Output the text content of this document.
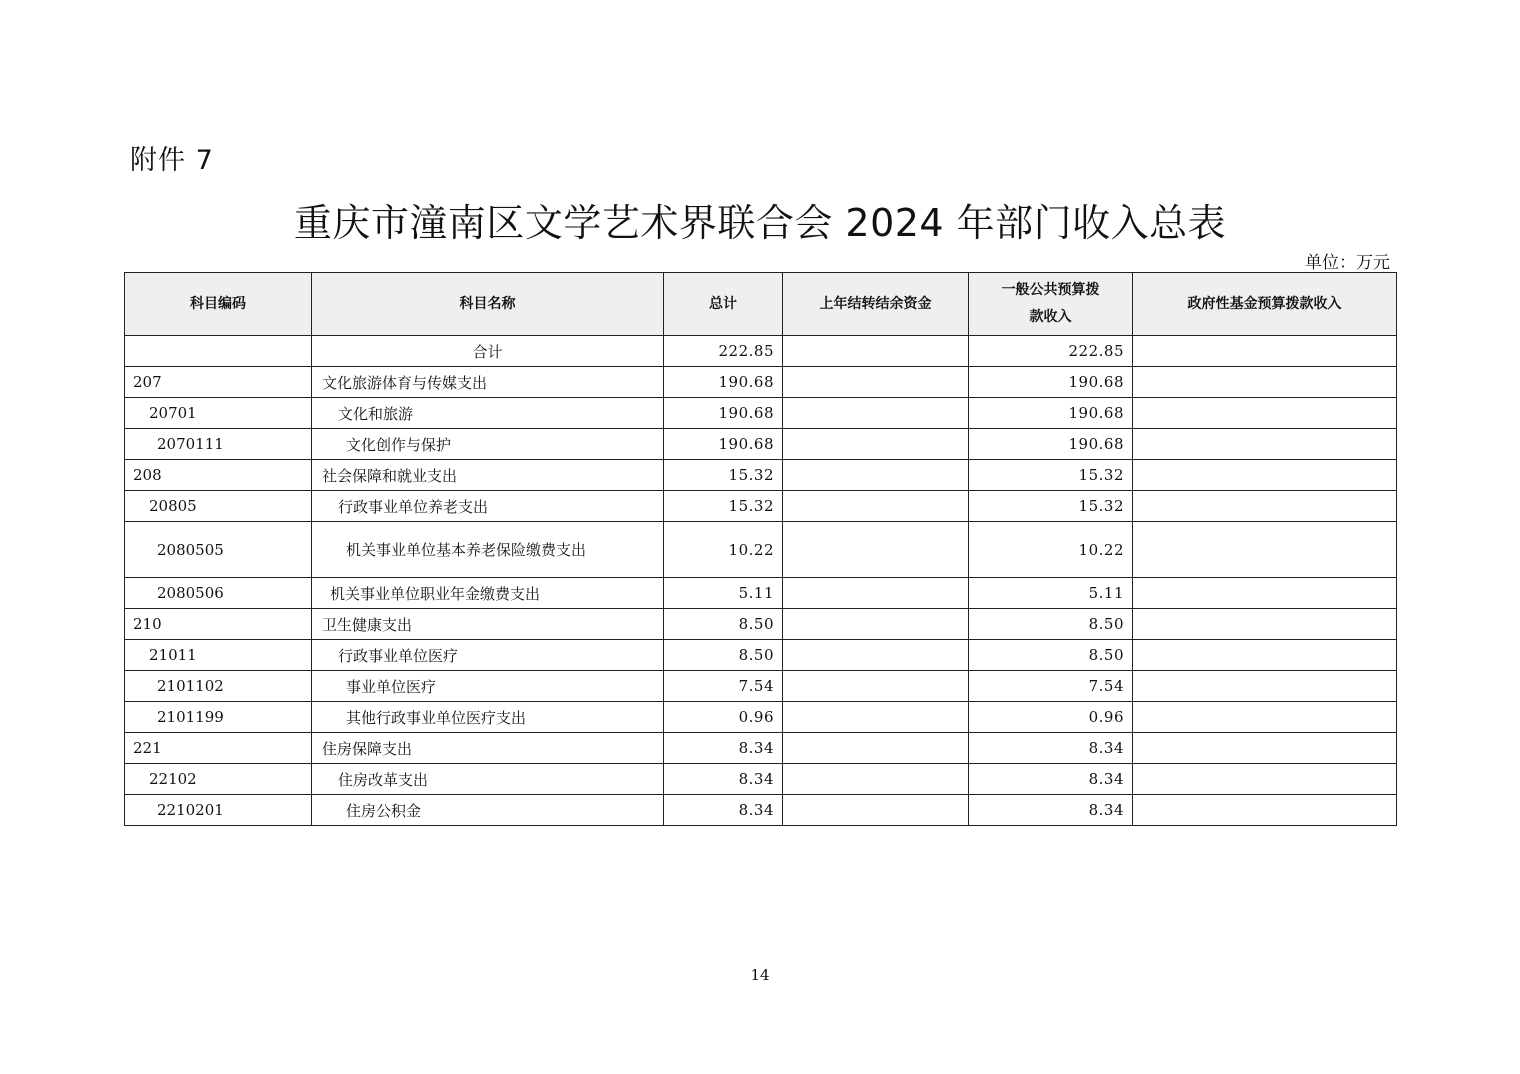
附件 7
重庆市潼南区文学艺术界联合会 2024 年部门收入总表
单位：万元
科目编码	科目名称	总计	上年结转结余资金	一般公共预算拨款收入	政府性基金预算拨款收入
	合计	222.85		222.85	
207	文化旅游体育与传媒支出	190.68		190.68	
20701	文化和旅游	190.68		190.68	
2070111	文化创作与保护	190.68		190.68	
208	社会保障和就业支出	15.32		15.32	
20805	行政事业单位养老支出	15.32		15.32	
2080505	机关事业单位基本养老保险缴费支出	10.22		10.22	
2080506	机关事业单位职业年金缴费支出	5.11		5.11	
210	卫生健康支出	8.50		8.50	
21011	行政事业单位医疗	8.50		8.50	
2101102	事业单位医疗	7.54		7.54	
2101199	其他行政事业单位医疗支出	0.96		0.96	
221	住房保障支出	8.34		8.34	
22102	住房改革支出	8.34		8.34	
2210201	住房公积金	8.34		8.34	
14
